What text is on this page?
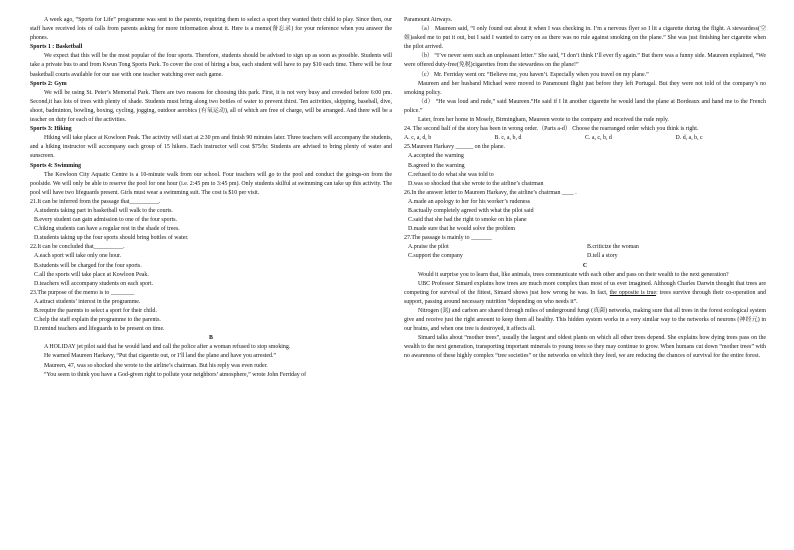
A week ago, “Sports for Life” programme was sent to the parents, requiring them to select a sport they wanted their child to play. Since then, our staff have received lots of calls from parents asking for more information about it. Here is a memo(备忘录) for your reference when you answer the phones.

Sports 1 : Basketball

We expect that this will be the most popular of the four sports. Therefore, students should be advised to sign up as soon as possible. Students will take a private bus to and from Kwun Tong Sports Park. To cover the cost of hiring a bus, each student will have to pay $10 each time. There will be four basketball courts available for our use with one teacher watching over each game.

Sports 2: Gym

We will be using St. Peter’s Memorial Park. There are two reasons for choosing this park. First, it is not very busy and crowded before 6:00 pm. Second,it has lots of trees with plenty of shade. Students must bring along two bottles of water to prevent thirst. Ten activities, skipping, baseball, dive, shoot, badminton, bowling, boxing, cycling, jogging, outdoor aerobics (有氧运动), all of which are free of charge, will be arranged. And there will be a teacher on duty for each of the activities.

Sports 3: Hiking

Hiking will take place at Kowloon Peak. The activity will start at 2:30 pm and finish 90 minutes later. Three teachers will accompany the students, and a hiking instructor will accompany each group of 15 hikers. Each instructor will cost $75/hr. Students are advised to bring plenty of water and sunscreen.

Sports 4: Swimming

The Kowloon City Aquatic Centre is a 10-minute walk from our school. Four teachers will go to the pool and conduct the goings-on from the poolside. We will only be able to reserve the pool for one hour (i.e. 2:45 pm to 3:45 pm). Only students skilful at swimming can take up this activity. The pool will have two lifeguards present. Girls must wear a swimming suit. The cost is $10 per visit.

21.It can be inferred from the passage that__________.

A.students taking part in basketball will walk to the courts.

B.every student can gain admission to one of the four sports.

C.hiking students can have a regular rest in the shade of trees.

D.students taking up the four sports should bring bottles of water.

22.It can be concluded that__________.

A.each sport will take only one hour.

B.students will be charged for the four sports.

C.all the sports will take place at Kowloon Peak.

D.teachers will accompany students on each sport.

23.The purpose of the memo is to ________

A.attract students’ interest in the programme.

B.require the parents to select a sport for their child.

C.help the staff explain the programme to the parents.

D.remind teachers and lifeguards to be present on time.

B

A HOLIDAY jet pilot said that he would land and call the police after a woman refused to stop smoking.

He warned Maureen Harkavy, “Put that cigarette out, or I’ll land the plane and have you arrested.”

Maureen, 47, was so shocked she wrote to the airline’s chairman. But his reply was even ruder.

“You seem to think you have a God-given right to pollute your neighbors’ atmosphere,” wrote John Ferriday of

Paramount Airways.

（a） Maureen said, “I only found out about it when I was checking in. I’m a nervous flyer so I lit a cigarette during the flight. A stewardess(空姐)asked me to put it out, but I said I wanted to carry on as there was no rule against smoking on the plane.” She was just finishing her cigarette when the pilot arrived.

（b） “I’ve never seen such an unpleasant letter.” She said, “I don’t think I’ll ever fly again.” But there was a funny side. Maureen explained, “We were offered duty-free(免税)cigarettes from the stewardess on the plane!”

（c） Mr. Ferriday went on: “Believe me, you haven’t. Especially when you travel on my plane.”

Maureen and her husband Michael were moved to Paramount flight just before they left Portugal. But they were not told of the company’s no smoking policy.

（d） “He was loud and rude,” said Maureen.“He said if I lit another cigarette he would land the plane at Bordeaux and hand me to the French police.”

Later, from her home in Mosely, Birmingham, Maureen wrote to the company and received the rude reply.

24. The second half of the story has been in wrong order.（Parts a-d） Choose the rearranged order which you think is right.

A. c, a, d, b	B. c, a, b, d	C. a, c, b, d	D. d, a, b, c

25.Maureen Harkavy ______ on the plane.

A.accepted the warning

B.agreed to the warning

C.refused to do what she was told to

D.was so shocked that she wrote to the airline’s chairman

26.In the answer letter to Maureen Harkavy, the airline’s chairman ____ .

A.made an apology to her for his worker’s rudeness

B.actually completely agreed with what the pilot said

C.said that she had the right to smoke on his plane

D.made sure that he would solve the problem

27.The passage is mainly to _______

A.praise the pilot	B.criticize the woman
C.support the company	D.tell a story

C

Would it surprise you to learn that, like animals, trees communicate with each other and pass on their wealth to the next generation?

UBC Professor Simard explains how trees are much more complex than most of us ever imagined. Although Charles Darwin thought that trees are competing for survival of the fittest, Simard shows just how wrong he was. In fact, the opposite is true: trees survive through their co-operation and support, passing around necessary nutrition “depending on who needs it”.

Nitrogen (氮) and carbon are shared through miles of underground fungi (真菌) networks, making sure that all trees in the forest ecological system give and receive just the right amount to keep them all healthy. This hidden system works in a very similar way to the networks of neurons (神经元) in our brains, and when one tree is destroyed, it affects all.

Simard talks about “mother trees”, usually the largest and oldest plants on which all other trees depend. She explains how dying trees pass on the wealth to the next generation, transporting important minerals to young trees so they may continue to grow. When humans cut down “mother trees” with no awareness of these highly complex “tree societies” or the networks on which they feed, we are reducing the chances of survival for the entire forest.
